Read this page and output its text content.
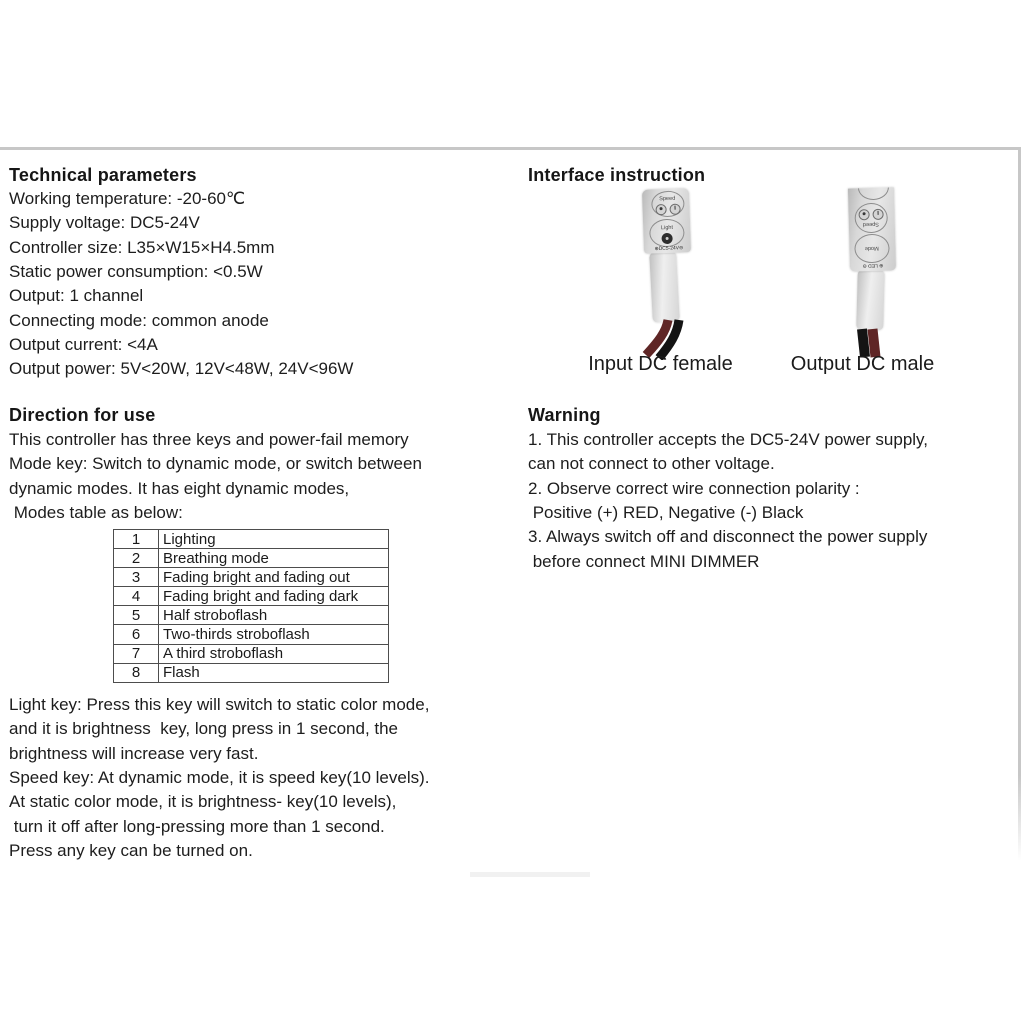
Technical parameters
Working temperature: -20-60℃
Supply voltage: DC5-24V
Controller size: L35×W15×H4.5mm
Static power consumption: <0.5W
Output: 1 channel
Connecting mode: common anode
Output current: <4A
Output power: 5V<20W, 12V<48W, 24V<96W
Direction for use
This controller has three keys and power-fail memory
Mode key: Switch to dynamic mode, or switch between
dynamic modes. It has eight dynamic modes,
Modes table as below:
1	Lighting
2	Breathing mode
3	Fading bright and fading out
4	Fading bright and fading dark
5	Half stroboflash
6	Two-thirds stroboflash
7	A third stroboflash
8	Flash
Light key: Press this key will switch to static color mode,
and it is brightness  key, long press in 1 second, the
brightness will increase very fast.
Speed key: At dynamic mode, it is speed key(10 levels).
At static color mode, it is brightness- key(10 levels),
turn it off after long-pressing more than 1 second.
Press any key can be turned on.
Interface instruction
Speed
Light
⊕DC5-24V⊖
Speed
Mode
⊕ LED ⊖
Input DC female	Output DC male
Warning
1. This controller accepts the DC5-24V power supply,
can not connect to other voltage.
2. Observe correct wire connection polarity :
Positive (+) RED, Negative (-) Black
3. Always switch off and disconnect the power supply
before connect MINI DIMMER
